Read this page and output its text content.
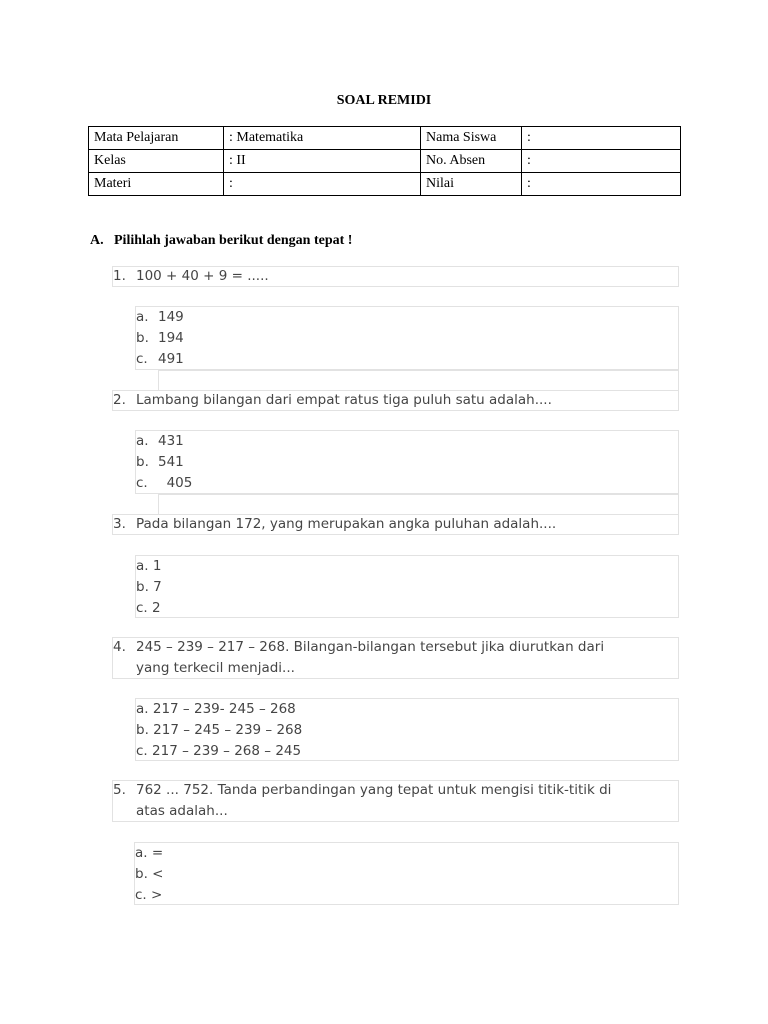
SOAL REMIDI
Mata Pelajaran	: Matematika	Nama Siswa	:
Kelas	: II	No. Absen	:
Materi	:	Nilai	:
A. Pilihlah jawaban berikut dengan tepat !
1. 100 + 40 + 9 = .....
a. 149
b. 194
c. 491
2. Lambang bilangan dari empat ratus tiga puluh satu adalah....
a. 431
b. 541
c.  405
3. Pada bilangan 172, yang merupakan angka puluhan adalah....
a. 1
b. 7
c. 2
4. 245 – 239 – 217 – 268. Bilangan-bilangan tersebut jika diurutkan dari yang terkecil menjadi...
a. 217 – 239- 245 – 268
b. 217 – 245 – 239 – 268
c. 217 – 239 – 268 – 245
5. 762 ... 752. Tanda perbandingan yang tepat untuk mengisi titik-titik di atas adalah...
a. =
b. <
c. >
